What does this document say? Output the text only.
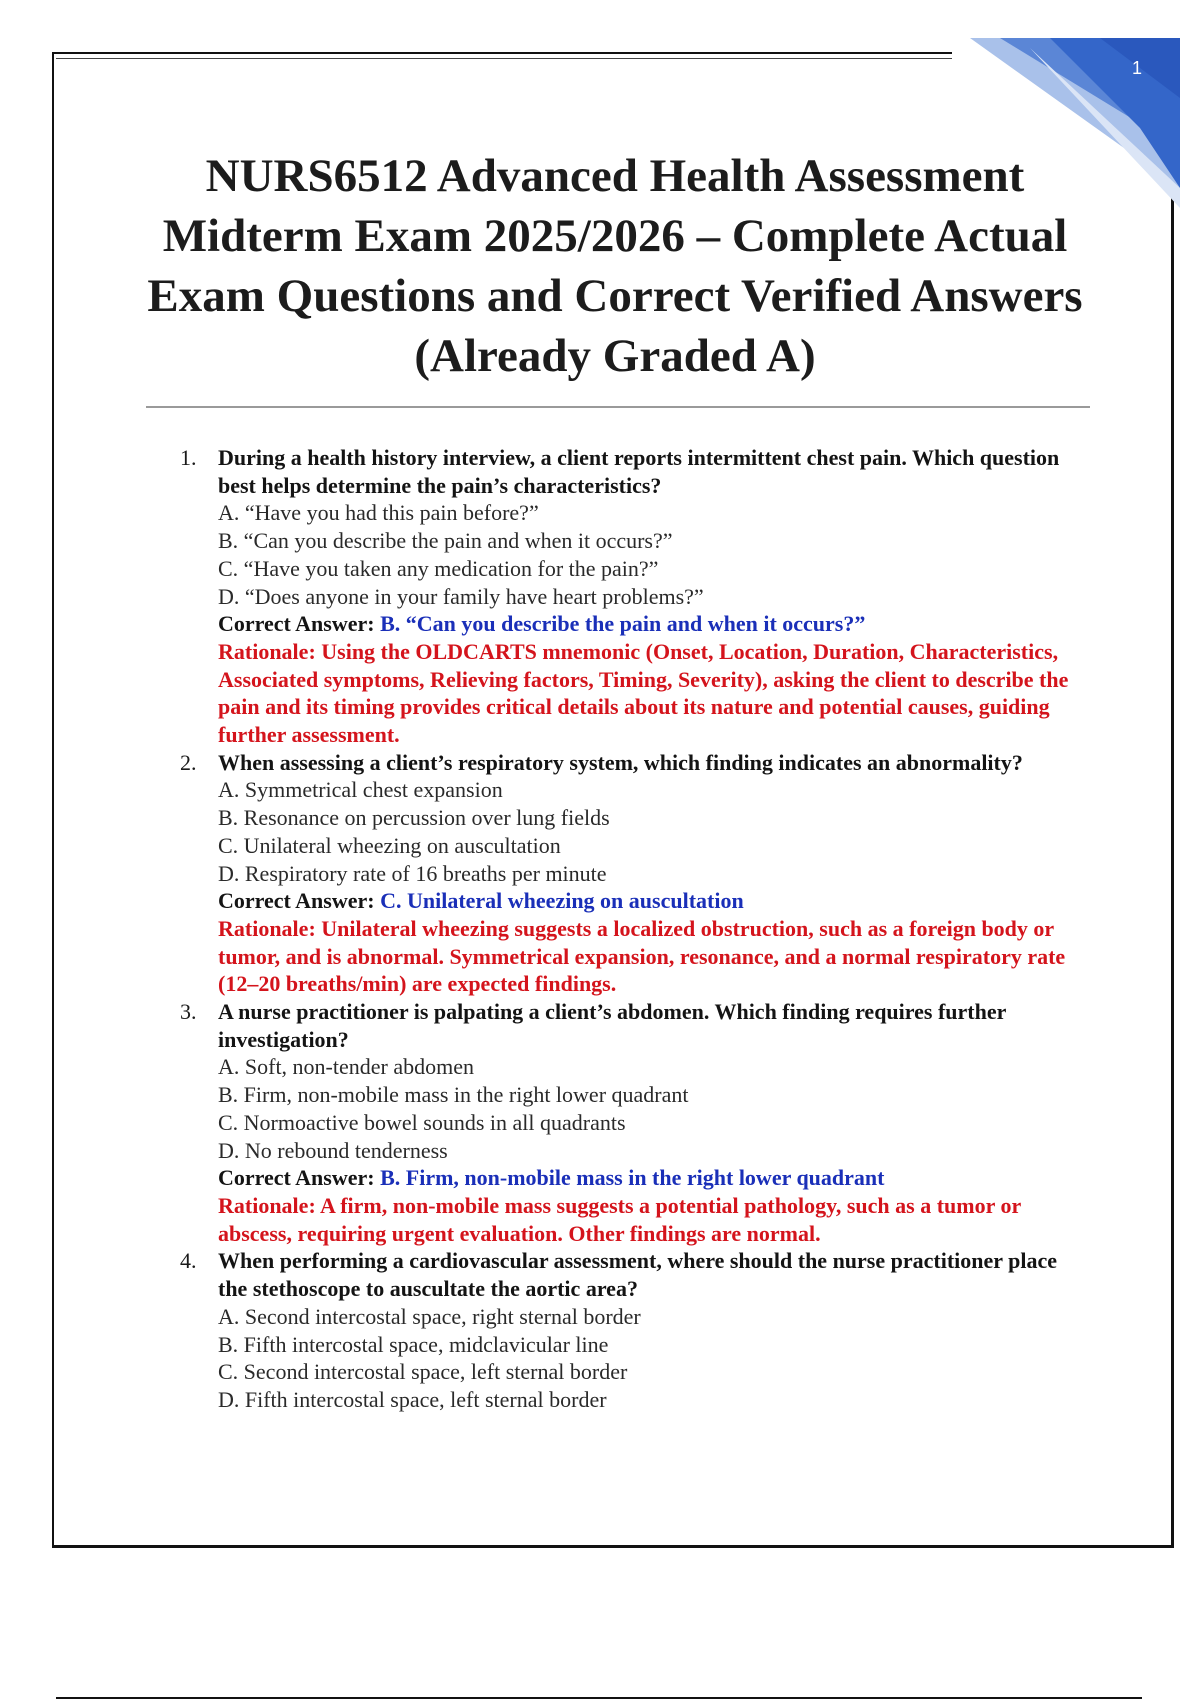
1
NURS6512 Advanced Health Assessment Midterm Exam 2025/2026 – Complete Actual Exam Questions and Correct Verified Answers (Already Graded A)
1. During a health history interview, a client reports intermittent chest pain. Which question best helps determine the pain’s characteristics?
A. “Have you had this pain before?”
B. “Can you describe the pain and when it occurs?”
C. “Have you taken any medication for the pain?”
D. “Does anyone in your family have heart problems?”
Correct Answer: B. “Can you describe the pain and when it occurs?”
Rationale: Using the OLDCARTS mnemonic (Onset, Location, Duration, Characteristics, Associated symptoms, Relieving factors, Timing, Severity), asking the client to describe the pain and its timing provides critical details about its nature and potential causes, guiding further assessment.
2. When assessing a client’s respiratory system, which finding indicates an abnormality?
A. Symmetrical chest expansion
B. Resonance on percussion over lung fields
C. Unilateral wheezing on auscultation
D. Respiratory rate of 16 breaths per minute
Correct Answer: C. Unilateral wheezing on auscultation
Rationale: Unilateral wheezing suggests a localized obstruction, such as a foreign body or tumor, and is abnormal. Symmetrical expansion, resonance, and a normal respiratory rate (12–20 breaths/min) are expected findings.
3. A nurse practitioner is palpating a client’s abdomen. Which finding requires further investigation?
A. Soft, non-tender abdomen
B. Firm, non-mobile mass in the right lower quadrant
C. Normoactive bowel sounds in all quadrants
D. No rebound tenderness
Correct Answer: B. Firm, non-mobile mass in the right lower quadrant
Rationale: A firm, non-mobile mass suggests a potential pathology, such as a tumor or abscess, requiring urgent evaluation. Other findings are normal.
4. When performing a cardiovascular assessment, where should the nurse practitioner place the stethoscope to auscultate the aortic area?
A. Second intercostal space, right sternal border
B. Fifth intercostal space, midclavicular line
C. Second intercostal space, left sternal border
D. Fifth intercostal space, left sternal border
